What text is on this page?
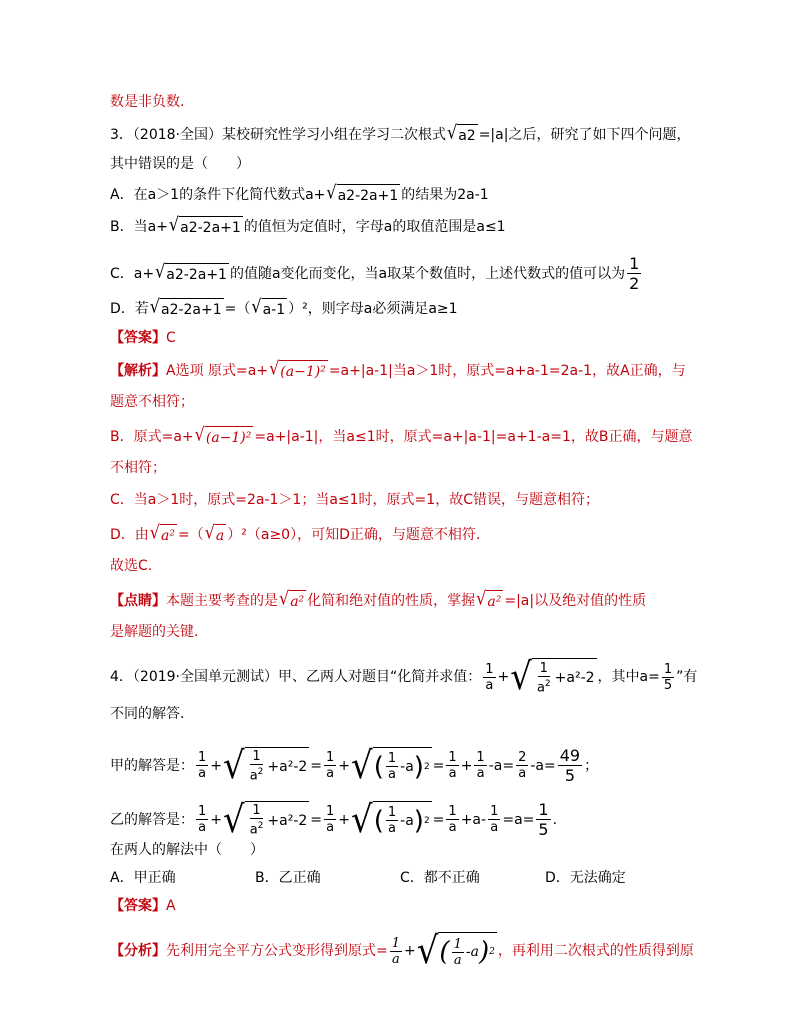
数是非负数.
3．（2018·全国）某校研究性学习小组在学习二次根式 √ a2 =|a|之后，研究了如下四个问题，
其中错误的是（　　）
A．在a＞1的条件下化简代数式a+ √ a2-2a+1 的结果为2a-1
B．当a+ √ a2-2a+1 的值恒为定值时，字母a的取值范围是a≤1
C．a+ √ a2-2a+1 的值随a变化而变化，当a取某个数值时，上述代数式的值可以为 $\frac{1}{2}$
D．若 √ a2-2a+1 =（ √ a-1 ）²，则字母a必须满足a≥1
【答案】 C
【解析】 A选项 原式=a+ √ (a−1)² =a+|a-1|当a＞1时，原式=a+a-1=2a-1，故A正确，与
题意不相符；
B．原式=a+ √ (a−1)² =a+|a-1|，当a≤1时，原式=a+|a-1|=a+1-a=1，故B正确，与题意
不相符；
C．当a＞1时，原式=2a-1＞1；当a≤1时，原式=1，故C错误，与题意相符；
D．由 √ a² =（ √ a ）²（a≥0），可知D正确，与题意不相符.
故选C.
【点睛】 本题主要考查的是 √ a² 化简和绝对值的性质，掌握 √ a² =|a|以及绝对值的性质
是解题的关键.
4．（2019·全国单元测试）甲、乙两人对题目“化简并求值： $\frac{1}{a}$ + √ $\frac{1}{a^2} +a^2-2$ ，其中$a= \frac{1}{5}$ ”有
不同的解答.
甲的解答是： $\frac{1}{a}$ + √ $\frac{1}{a^2} +a^2-2 = \frac{1}{a}$ + √ ( $\frac{1}{a} -a$ ) $2 = \frac{1}{a} + \frac{1}{a} -a= \frac{2}{a} -a= \frac{49}{5}$ ；
乙的解答是： $\frac{1}{a}$ + √ $\frac{1}{a^2} +a^2-2 = \frac{1}{a}$ + √ ( $\frac{1}{a} -a$ ) $2 = \frac{1}{a} +a- \frac{1}{a} =a= \frac{1}{5}$ .
在两人的解法中（　　）
A．甲正确	B．乙正确	C．都不正确	D．无法确定
【答案】 A
【分析】 先利用完全平方公式变形得到原式 = $\frac{1}{a}$ + √ ( $\frac{1}{a} -a$ ) 2 ，再利用二次根式的性质得到原
